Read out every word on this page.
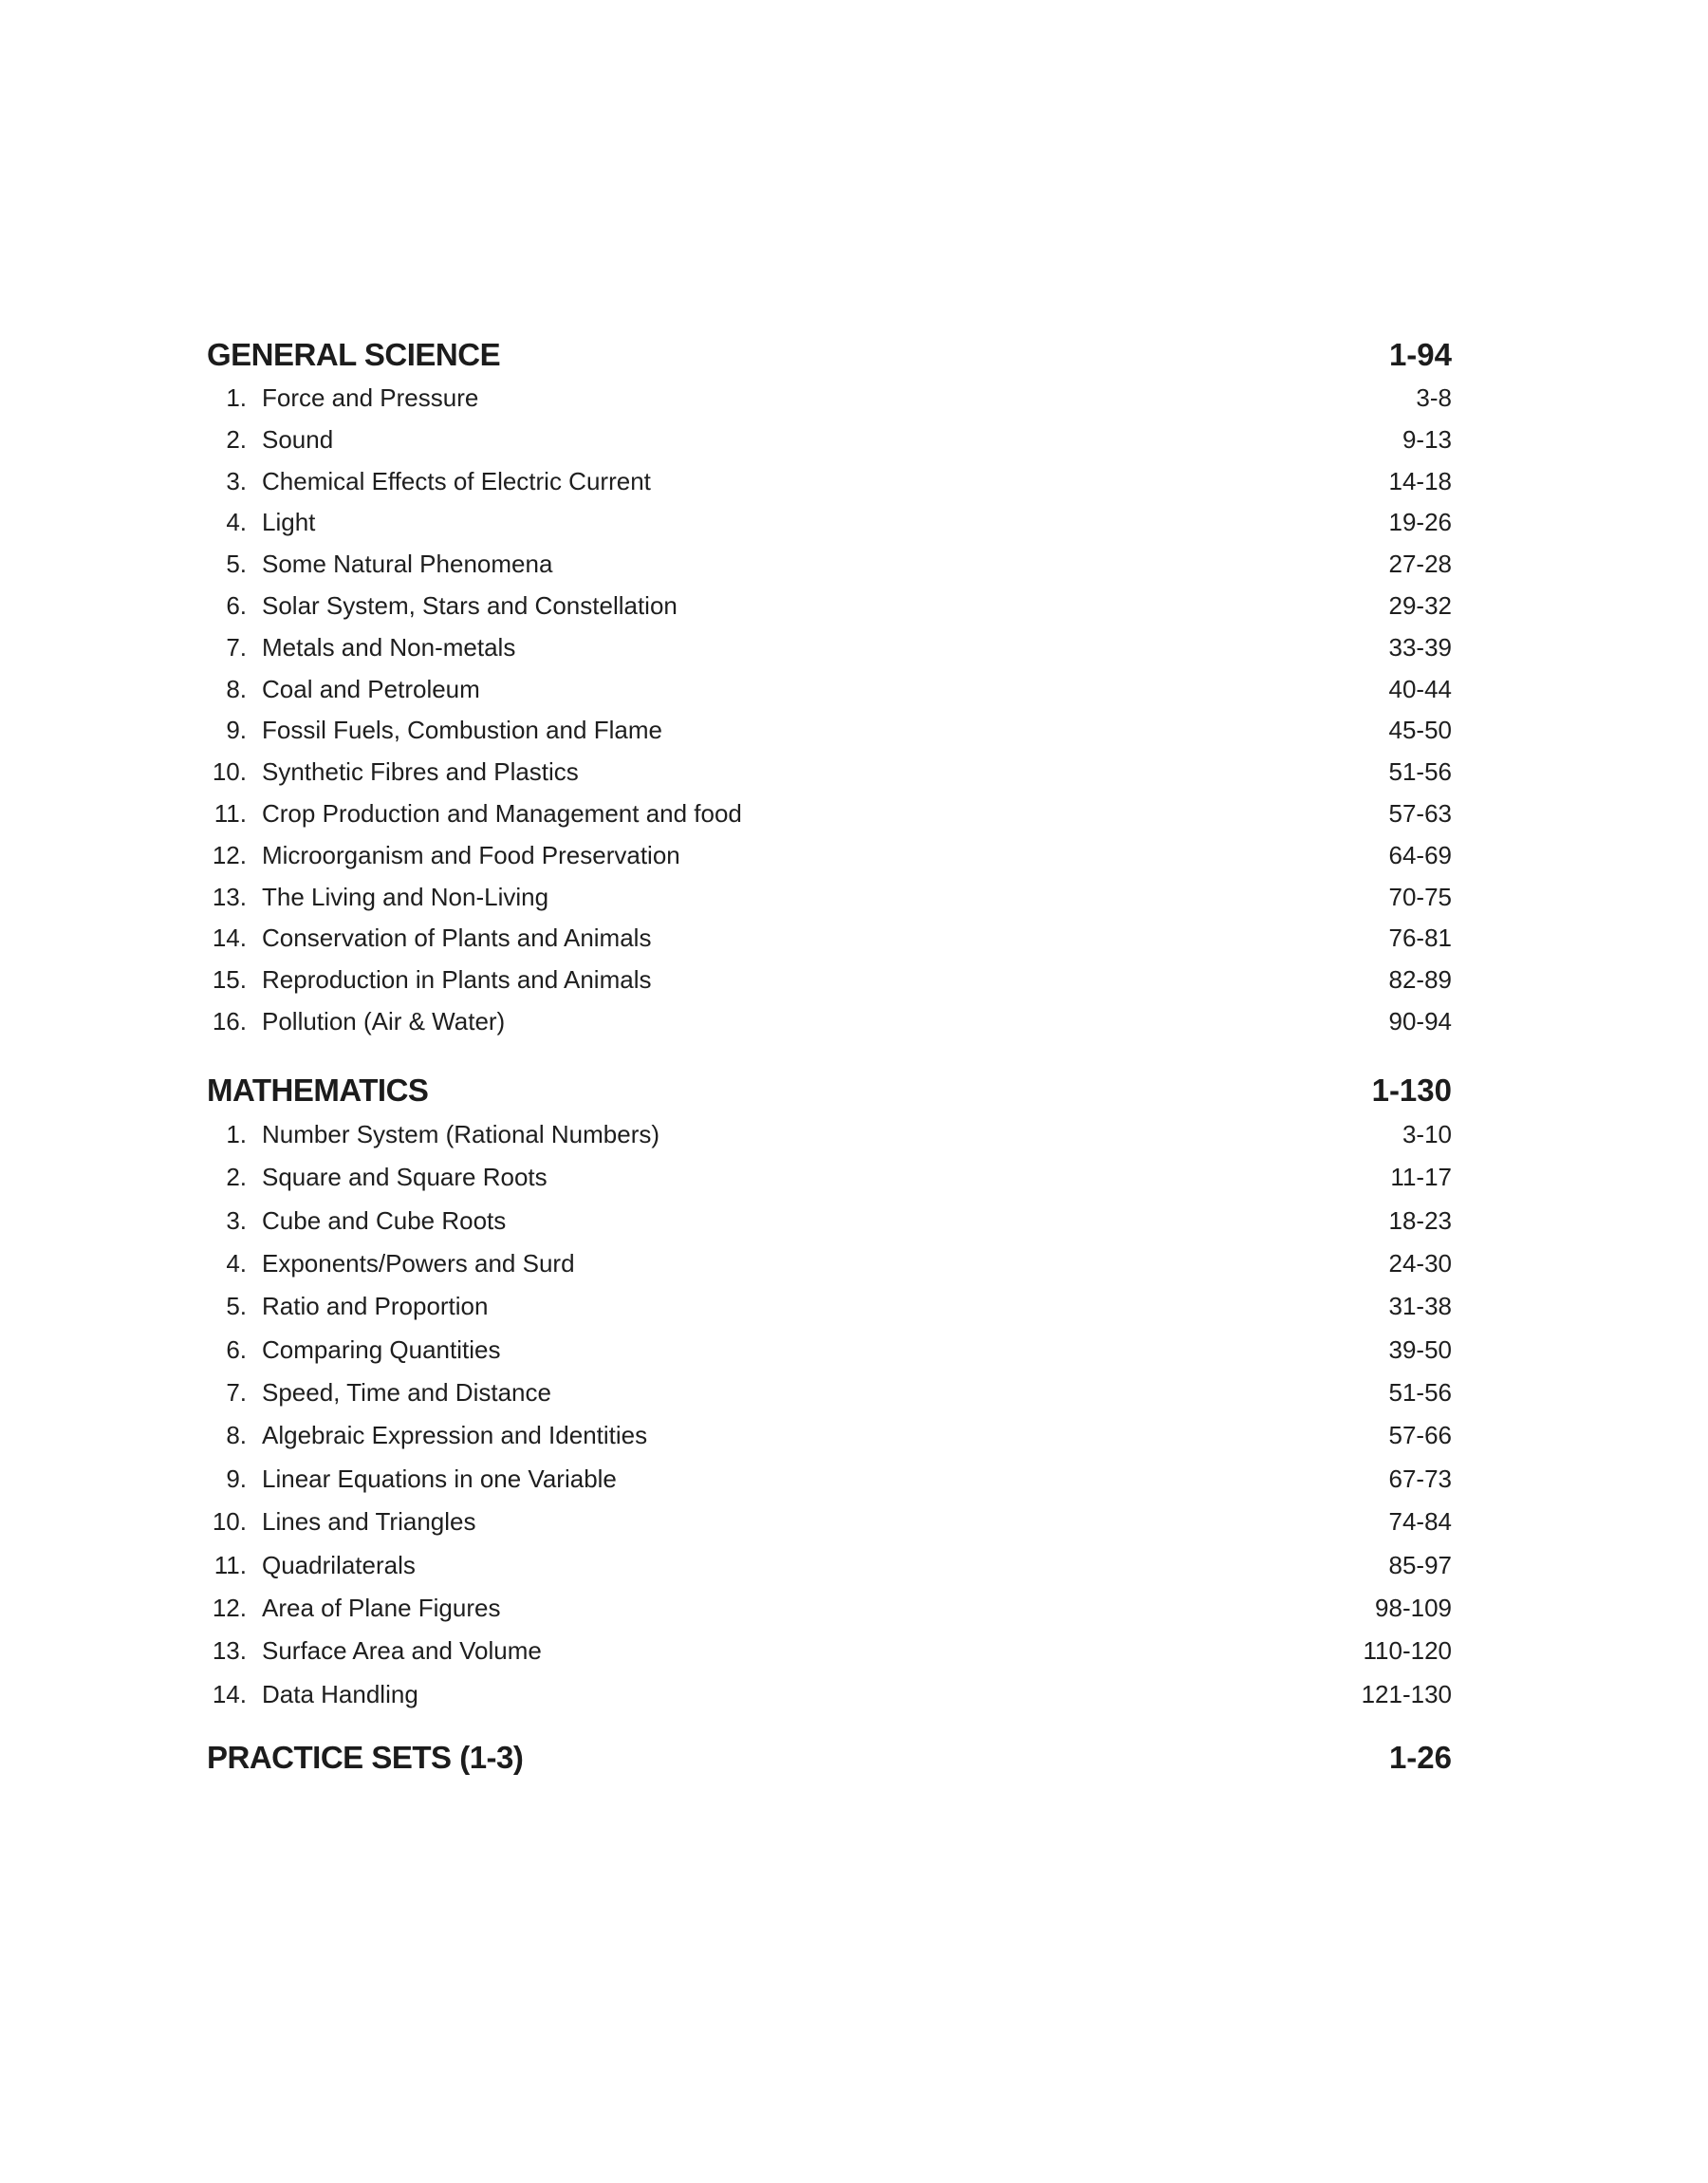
GENERAL SCIENCE	1-94
1. Force and Pressure	3-8
2. Sound	9-13
3. Chemical Effects of Electric Current	14-18
4. Light	19-26
5. Some Natural Phenomena	27-28
6. Solar System, Stars and Constellation	29-32
7. Metals and Non-metals	33-39
8. Coal and Petroleum	40-44
9. Fossil Fuels, Combustion and Flame	45-50
10. Synthetic Fibres and Plastics	51-56
11. Crop Production and Management and food	57-63
12. Microorganism and Food Preservation	64-69
13. The Living and Non-Living	70-75
14. Conservation of Plants and Animals	76-81
15. Reproduction in Plants and Animals	82-89
16. Pollution (Air & Water)	90-94
MATHEMATICS	1-130
1. Number System (Rational Numbers)	3-10
2. Square and Square Roots	11-17
3. Cube and Cube Roots	18-23
4. Exponents/Powers and Surd	24-30
5. Ratio and Proportion	31-38
6. Comparing Quantities	39-50
7. Speed, Time and Distance	51-56
8. Algebraic Expression and Identities	57-66
9. Linear Equations in one Variable	67-73
10. Lines and Triangles	74-84
11. Quadrilaterals	85-97
12. Area of Plane Figures	98-109
13. Surface Area and Volume	110-120
14. Data Handling	121-130
PRACTICE SETS (1-3)	1-26
